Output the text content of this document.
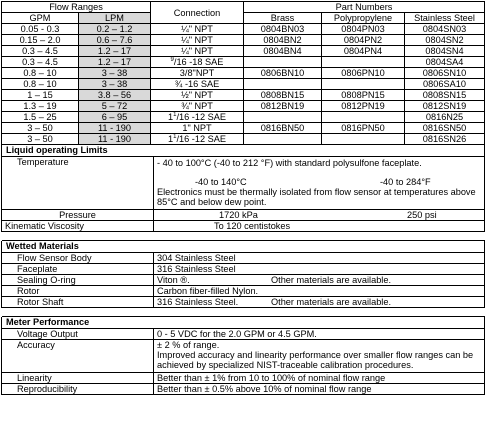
Flow Ranges		Connection	Part Numbers		
GPM	LPM		Brass	Polypropylene	Stainless Steel
0.05 - 0.3	0.2 – 1.2	¼" NPT	0804BN03	0804PN03	0804SN03
0.15 – 2.0	0.6 – 7.6	¼" NPT	0804BN2	0804PN2	0804SN2
0.3 – 4.5	1.2 – 17	¼" NPT	0804BN4	0804PN4	0804SN4
0.3 – 4.5	1.2 – 17	$^9$/16 -18 SAE			0804SA4
0.8 – 10	3 – 38	3/8"NPT	0806BN10	0806PN10	0806SN10
0.8 – 10	3 – 38	¾ -16 SAE			0806SA10
1 – 15	3.8 – 56	½" NPT	0808BN15	0808PN15	0808SN15
1.3 – 19	5 – 72	¾" NPT	0812BN19	0812PN19	0812SN19
1.5 – 25	6 – 95	$1^1/16$ -12 SAE			0816N25
3 – 50	11 - 190	1" NPT	0816BN50	0816PN50	0816SN50
3 – 50	11 - 190	$1^1/16$ -12 SAE			0816SN26
Liquid operating Limits	
Temperature	- 40 to 100°C (-40 to 212 °F) with standard polysulfone faceplate.
-40 to 140°C -40 to 284°F
Electronics must be thermally isolated from flow sensor at temperatures above 85°C and below dew point.

Pressure	1720 kPa 250 psi

Kinematic Viscosity	To 120 centistokes

Wetted Materials	
Flow Sensor Body	304 Stainless Steel
Faceplate	316 Stainless Steel
Sealing O-ring	Viton ®. Other materials are available.
Rotor	Carbon fiber-filled Nylon.
Rotor Shaft	316 Stainless Steel. Other materials are available.

Meter Performance	
Voltage Output	0 - 5 VDC for the 2.0 GPM or 4.5 GPM.
Accuracy	± 2 % of range.
Improved accuracy and linearity performance over smaller flow ranges can be achieved by specialized NIST-traceable calibration procedures.

Linearity	Better than ± 1% from 10 to 100% of nominal flow range
Reproducibility	Better than ± 0.5% above 10% of nominal flow range
